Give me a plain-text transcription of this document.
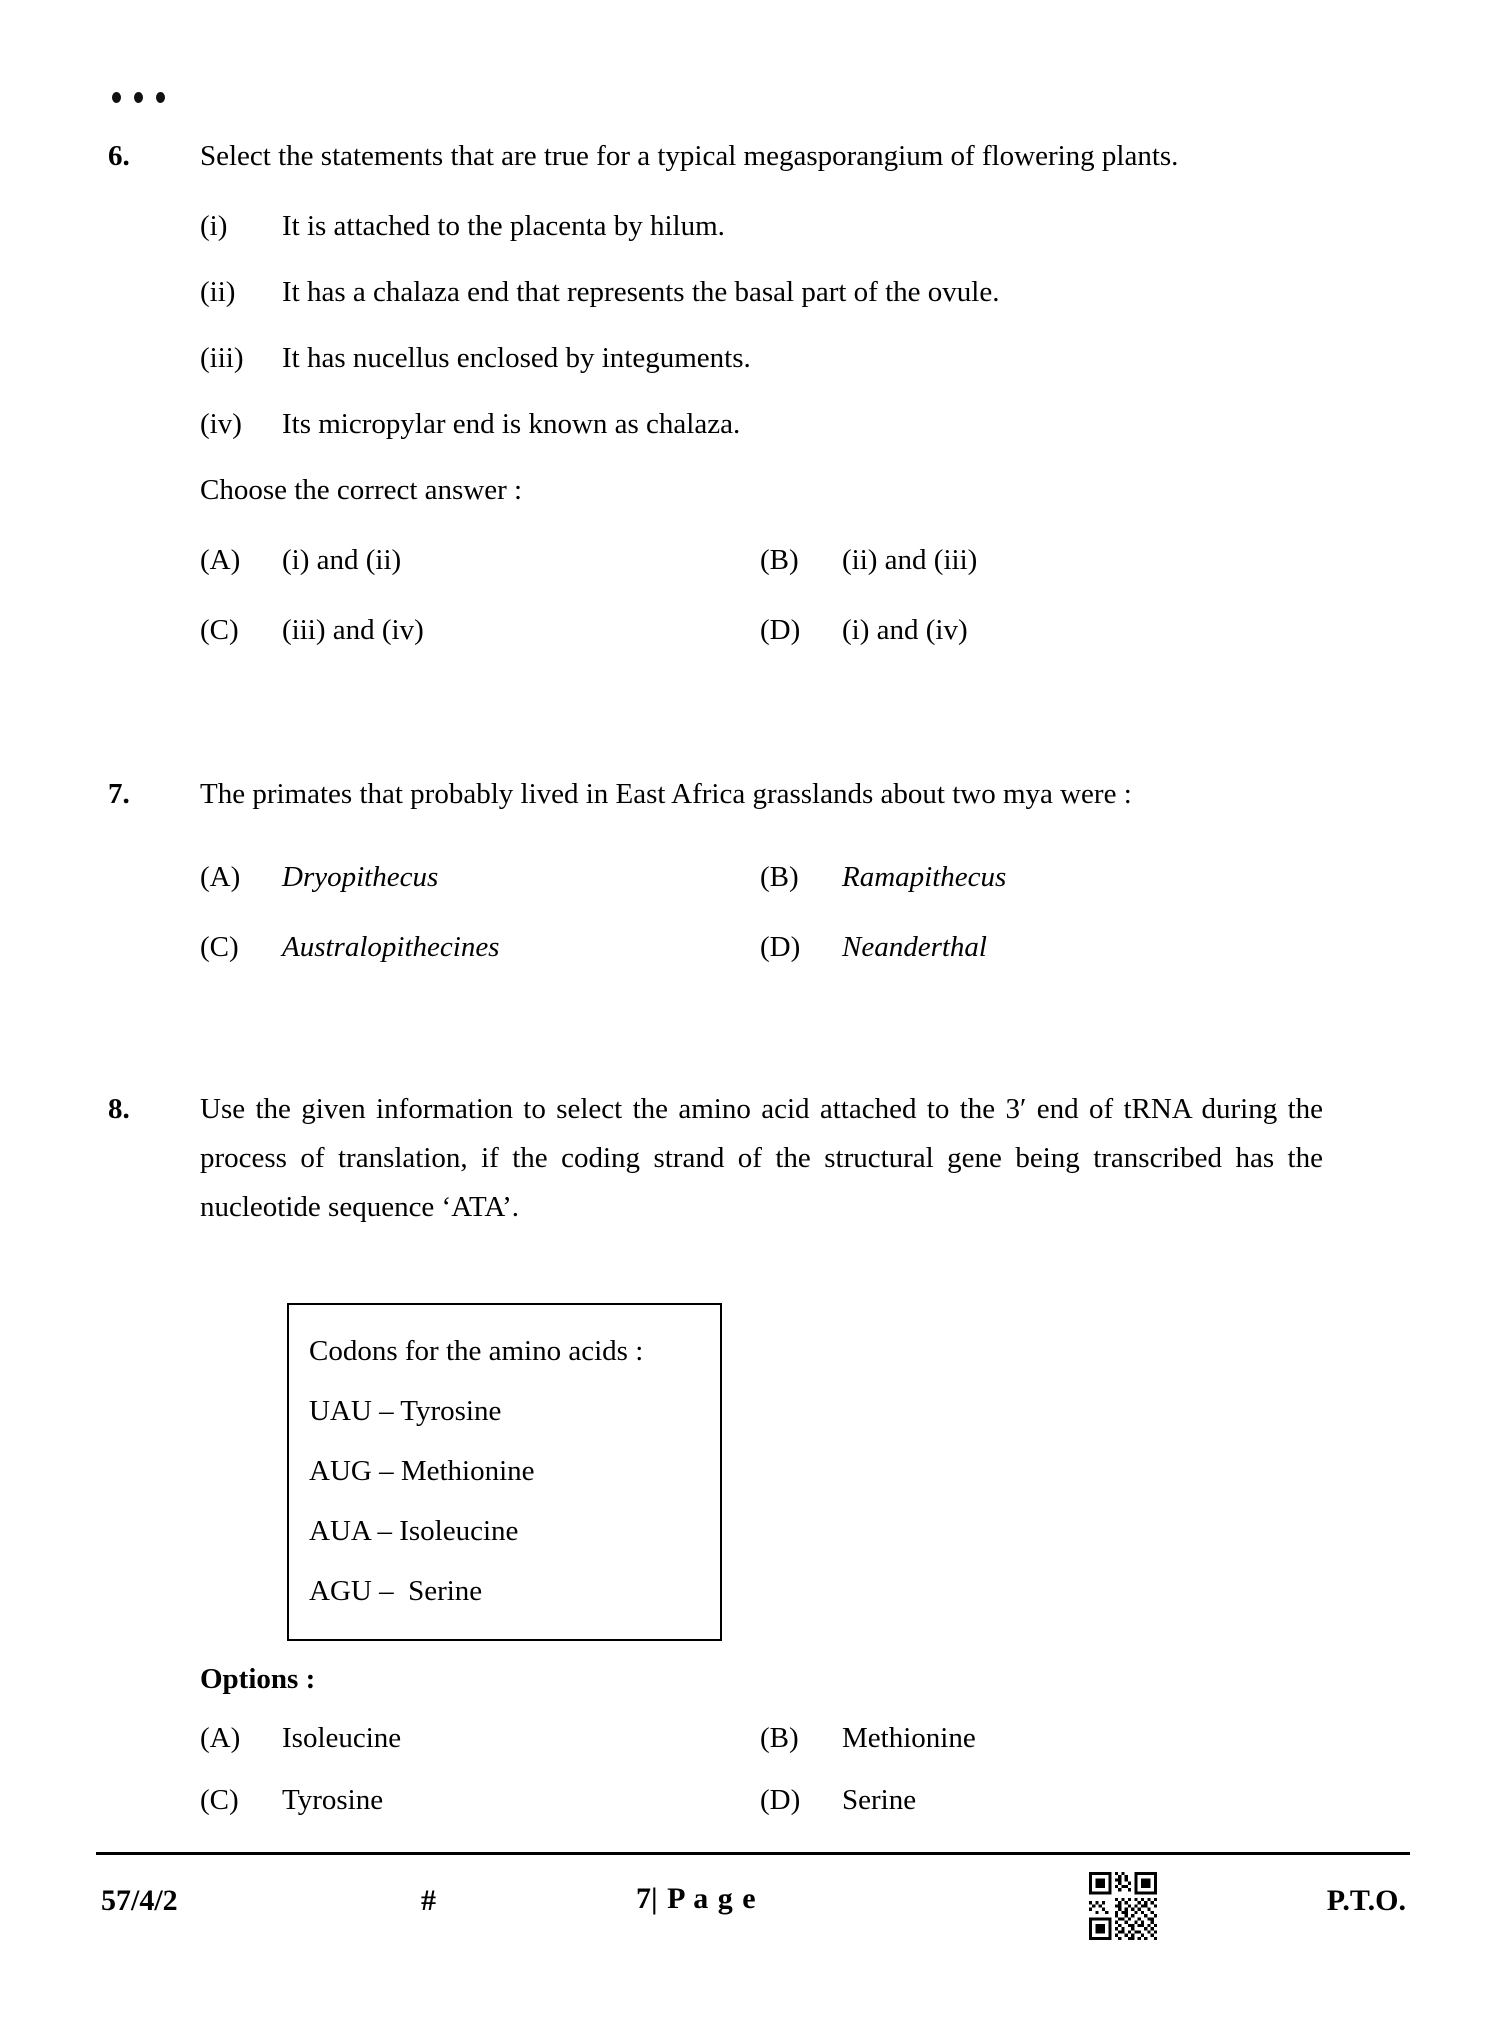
6.	Select the statements that are true for a typical megasporangium of flowering plants.
(i)	It is attached to the placenta by hilum.
(ii)	It has a chalaza end that represents the basal part of the ovule.
(iii)	It has nucellus enclosed by integuments.
(iv)	Its micropylar end is known as chalaza.
Choose the correct answer :
(A)	(i) and (ii)	(B)	(ii) and (iii)
(C)	(iii) and (iv)	(D)	(i) and (iv)
7.	The primates that probably lived in East Africa grasslands about two mya were :
(A)	Dryopithecus	(B)	Ramapithecus
(C)	Australopithecines	(D)	Neanderthal
8.	Use the given information to select the amino acid attached to the 3′ end of tRNA during the process of translation, if the coding strand of the structural gene being transcribed has the nucleotide sequence ‘ATA’.
Codons for the amino acids :
UAU – Tyrosine
AUG – Methionine
AUA – Isoleucine
AGU –  Serine
Options :
(A)	Isoleucine	(B)	Methionine
(C)	Tyrosine	(D)	Serine
57/4/2	#	7| P a g e	P.T.O.
